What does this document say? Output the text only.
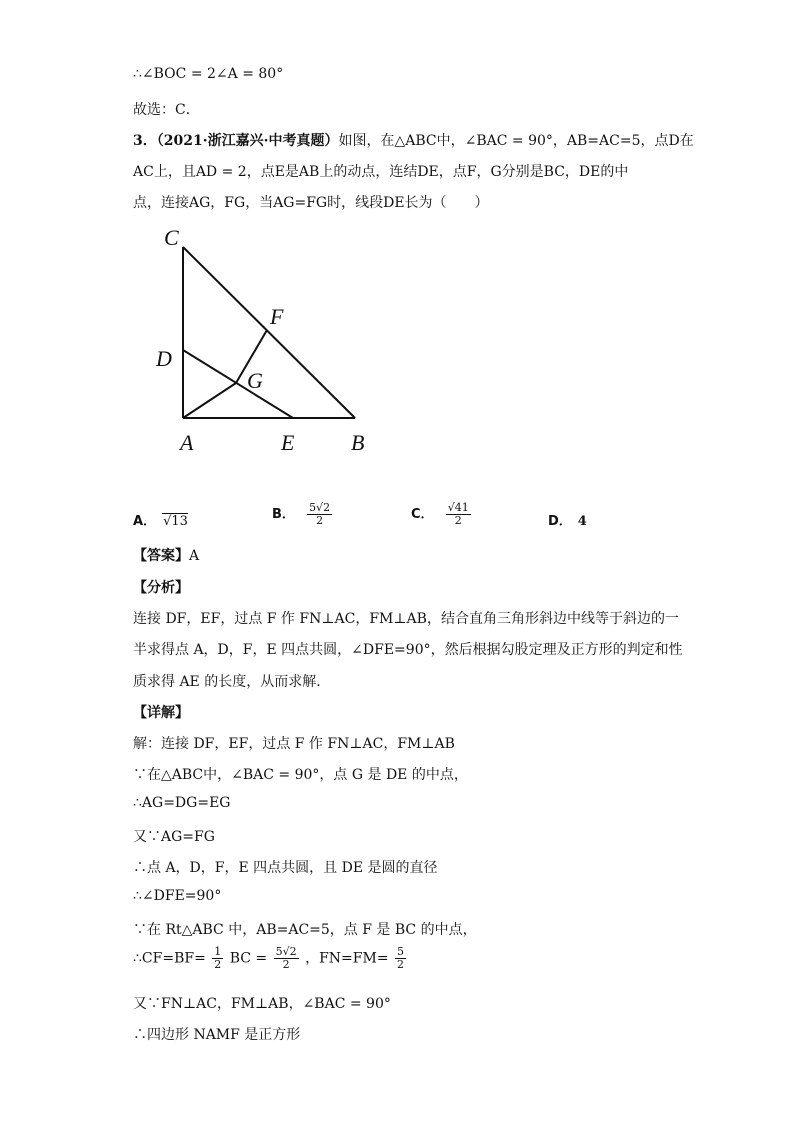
∴∠BOC = 2∠A = 80°
故选：C．
3．（2021·浙江嘉兴·中考真题）如图，在△ABC中，∠BAC = 90°，AB=AC=5，点D在
AC上，且AD = 2，点E是AB上的动点，连结DE，点F，G分别是BC，DE的中
点，连接AG，FG，当AG=FG时，线段DE长为（　　）
C
F
D
G
A	E	B
A． √13	B． $\frac{5√2}{2}$	C． $\frac{√41}{2}$	D． 4
【答案】A
【分析】
连接 DF，EF，过点 F 作 FN⊥AC，FM⊥AB，结合直角三角形斜边中线等于斜边的一
半求得点 A，D，F，E 四点共圆，∠DFE=90°，然后根据勾股定理及正方形的判定和性
质求得 AE 的长度，从而求解．
【详解】
解：连接 DF，EF，过点 F 作 FN⊥AC，FM⊥AB
∵在△ABC中，∠BAC = 90°，点 G 是 DE 的中点，
∴AG=DG=EG
又∵AG=FG
∴点 A，D，F，E 四点共圆，且 DE 是圆的直径
∴∠DFE=90°
∵在 Rt△ABC 中，AB=AC=5，点 F 是 BC 的中点，
∴CF=BF= $\frac{1}{2}$ BC = $\frac{5√2}{2}$ ，$FN=FM= \frac{5}{2}$
又∵FN⊥AC，FM⊥AB，∠BAC = 90°
∴四边形 NAMF 是正方形
